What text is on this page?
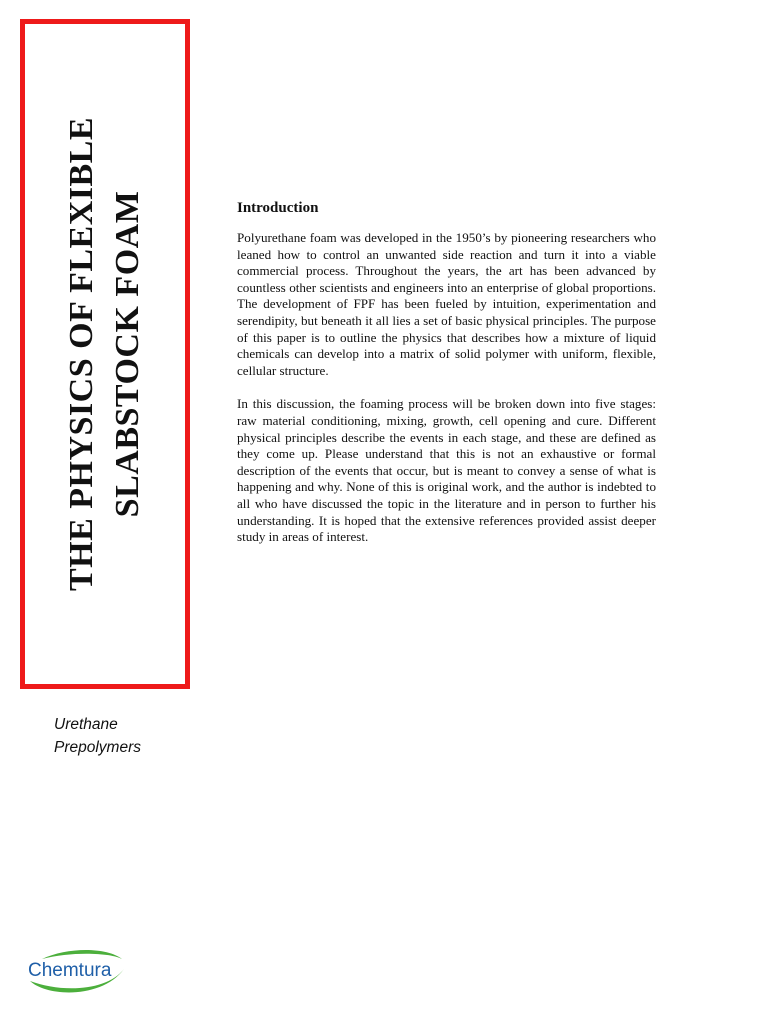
THE PHYSICS OF FLEXIBLE SLABSTOCK FOAM
Urethane
Prepolymers
Introduction

Polyurethane foam was developed in the 1950’s by pioneering researchers who leaned how to control an unwanted side reaction and turn it into a viable commercial process. Throughout the years, the art has been advanced by countless other scientists and engineers into an enterprise of global proportions. The development of FPF has been fueled by intuition, experimentation and serendipity, but beneath it all lies a set of basic physical principles. The purpose of this paper is to outline the physics that describes how a mixture of liquid chemicals can develop into a matrix of solid polymer with uniform, flexible, cellular structure.

In this discussion, the foaming process will be broken down into five stages: raw material conditioning, mixing, growth, cell opening and cure. Different physical principles describe the events in each stage, and these are defined as they come up. Please understand that this is not an exhaustive or formal description of the events that occur, but is meant to convey a sense of what is happening and why. None of this is original work, and the author is indebted to all who have discussed the topic in the literature and in person to further his understanding. It is hoped that the extensive references provided assist deeper study in areas of interest.

Chemtura
